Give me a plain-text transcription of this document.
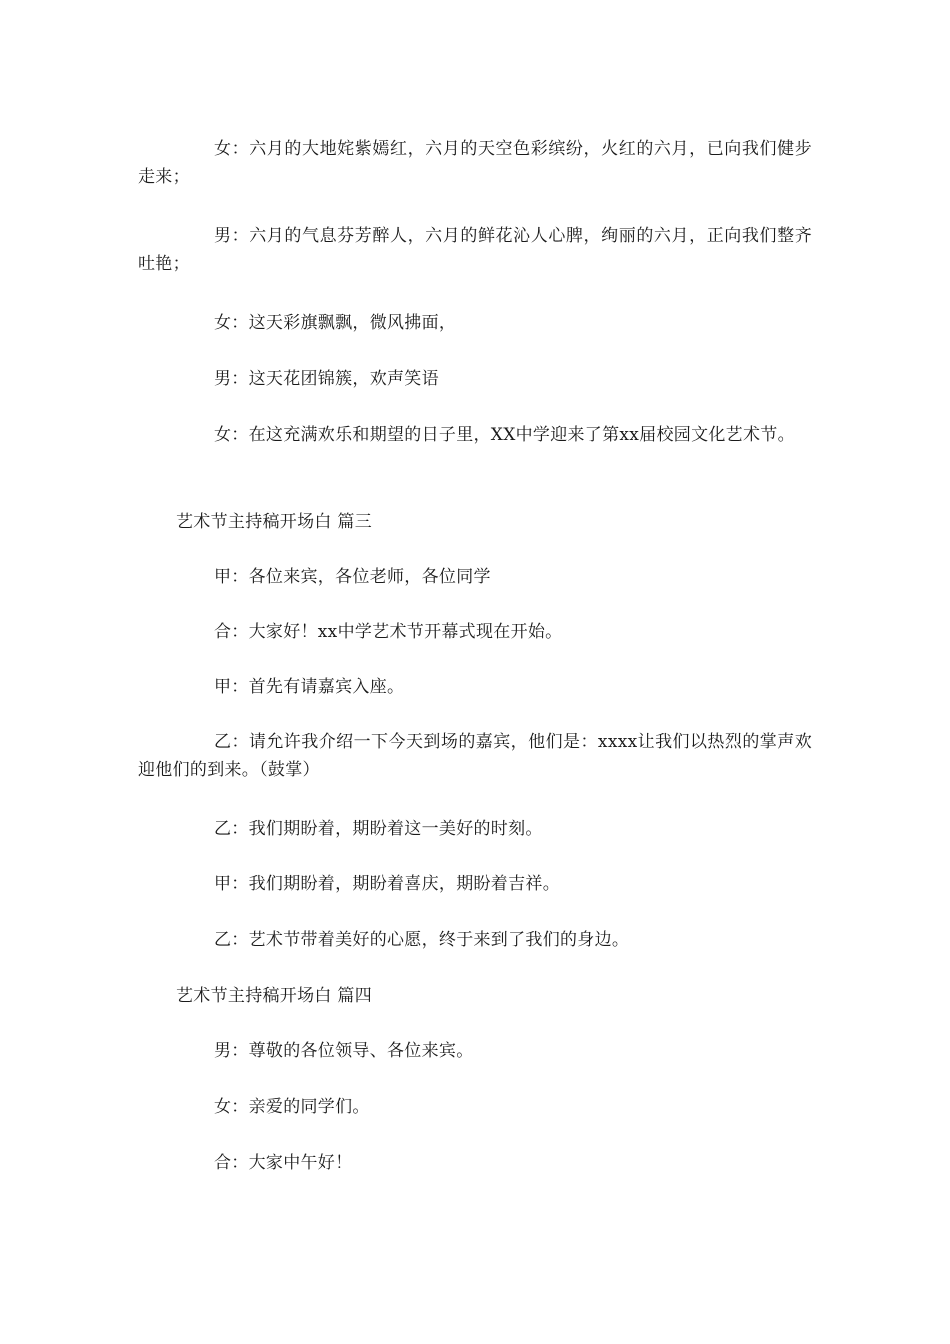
女：六月的大地姹紫嫣红，六月的天空色彩缤纷，火红的六月，已向我们健步走来；

男：六月的气息芬芳醉人，六月的鲜花沁人心脾，绚丽的六月，正向我们整齐吐艳；

女：这天彩旗飘飘，微风拂面，

男：这天花团锦簇，欢声笑语

女：在这充满欢乐和期望的日子里，XX中学迎来了第xx届校园文化艺术节。

艺术节主持稿开场白 篇三

甲：各位来宾，各位老师，各位同学

合：大家好！xx中学艺术节开幕式现在开始。

甲：首先有请嘉宾入座。

乙：请允许我介绍一下今天到场的嘉宾，他们是：xxxx让我们以热烈的掌声欢迎他们的到来。（鼓掌）

乙：我们期盼着，期盼着这一美好的时刻。

甲：我们期盼着，期盼着喜庆，期盼着吉祥。

乙：艺术节带着美好的心愿，终于来到了我们的身边。

艺术节主持稿开场白 篇四

男：尊敬的各位领导、各位来宾。

女：亲爱的同学们。

合：大家中午好！
